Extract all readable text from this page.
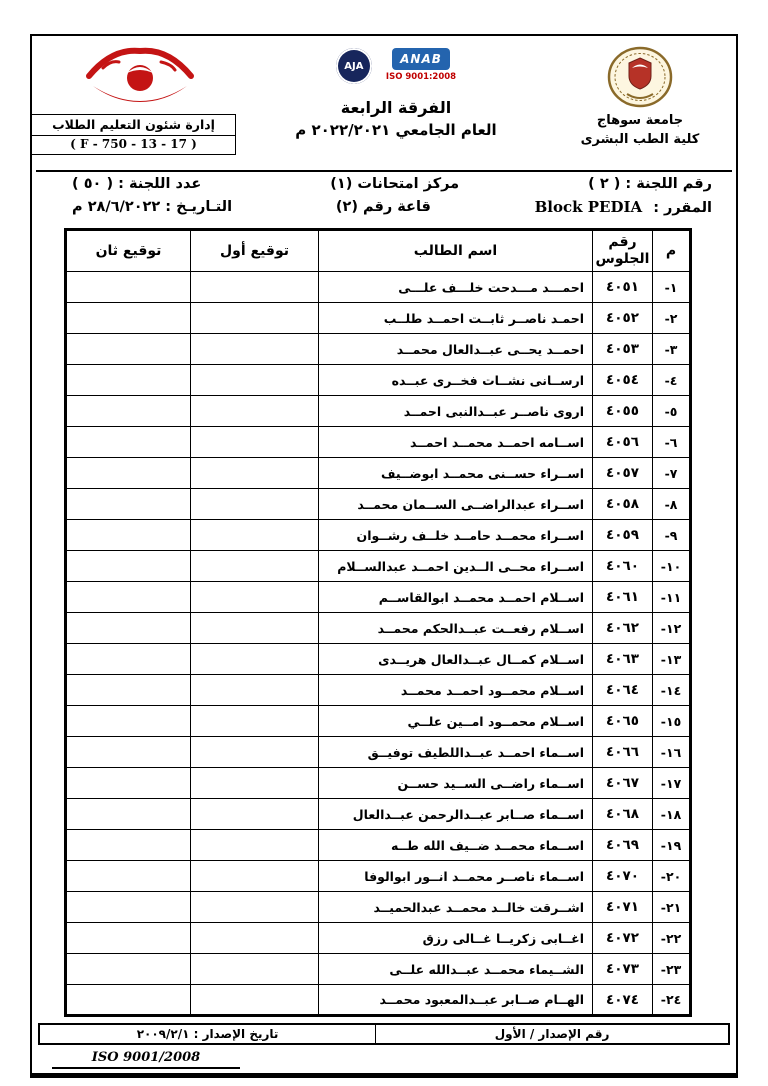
جامعة سوهاج
كلية الطب البشرى
ANAB
ISO 9001:2008
AJA
الفرقة الرابعة
العام الجامعي ٢٠٢٢/٢٠٢١ م
إدارة شئون التعليم الطلاب
( F - 750 - 13 - 17 )
رقم اللجنة : ( ٢ )
مركز امتحانات (١)
عدد اللجنة : ( ٥٠ )
المقرر : Block PEDIA
قاعة رقم (٢)
التـاريـخ : ٢٨/٦/٢٠٢٢ م
م	رقم الجلوس	اسم الطالب	توقيع أول	توقيع ثان
١-	٤٠٥١	احمـــد مـــدحت خلـــف علـــى		
٢-	٤٠٥٢	احمـد ناصــر ثابــت احمــد طلــب		
٣-	٤٠٥٣	احمــد يحــى عبــدالعال محمــد		
٤-	٤٠٥٤	ارســانى نشــات فخــرى عبــده		
٥-	٤٠٥٥	اروى ناصــر عبــدالنبى احمــد		
٦-	٤٠٥٦	اســامه احمــد محمــد احمــد		
٧-	٤٠٥٧	اســراء حســنى محمــد ابوضــيف		
٨-	٤٠٥٨	اســراء عبدالراضــى الســمان محمــد		
٩-	٤٠٥٩	اســراء محمــد حامــد خلــف رشــوان		
١٠-	٤٠٦٠	اســراء محــى الــدين احمــد عبدالســلام		
١١-	٤٠٦١	اســلام احمــد محمــد ابوالقاســم		
١٢-	٤٠٦٢	اســلام رفعــت عبــدالحكم محمــد		
١٣-	٤٠٦٣	اســلام كمــال عبــدالعال هريــدى		
١٤-	٤٠٦٤	اســلام محمــود احمــد محمــد		
١٥-	٤٠٦٥	اســلام محمــود امــين علــي		
١٦-	٤٠٦٦	اســماء احمــد عبــداللطيف توفيــق		
١٧-	٤٠٦٧	اســماء راضــى الســيد حســن		
١٨-	٤٠٦٨	اســماء صــابر عبــدالرحمن عبــدالعال		
١٩-	٤٠٦٩	اســماء محمــد ضــيف الله طــه		
٢٠-	٤٠٧٠	اســماء ناصــر محمــد انــور ابوالوفا		
٢١-	٤٠٧١	اشــرقت خالــد محمــد عبدالحميــد		
٢٢-	٤٠٧٢	اغــابى زكريــا غــالى رزق		
٢٣-	٤٠٧٣	الشــيماء محمــد عبــدالله علــى		
٢٤-	٤٠٧٤	الهــام صــابر عبــدالمعبود محمــد		
رقم الإصدار / الأول
تاريخ الإصدار : ٢٠٠٩/٢/١
ISO 9001/2008
